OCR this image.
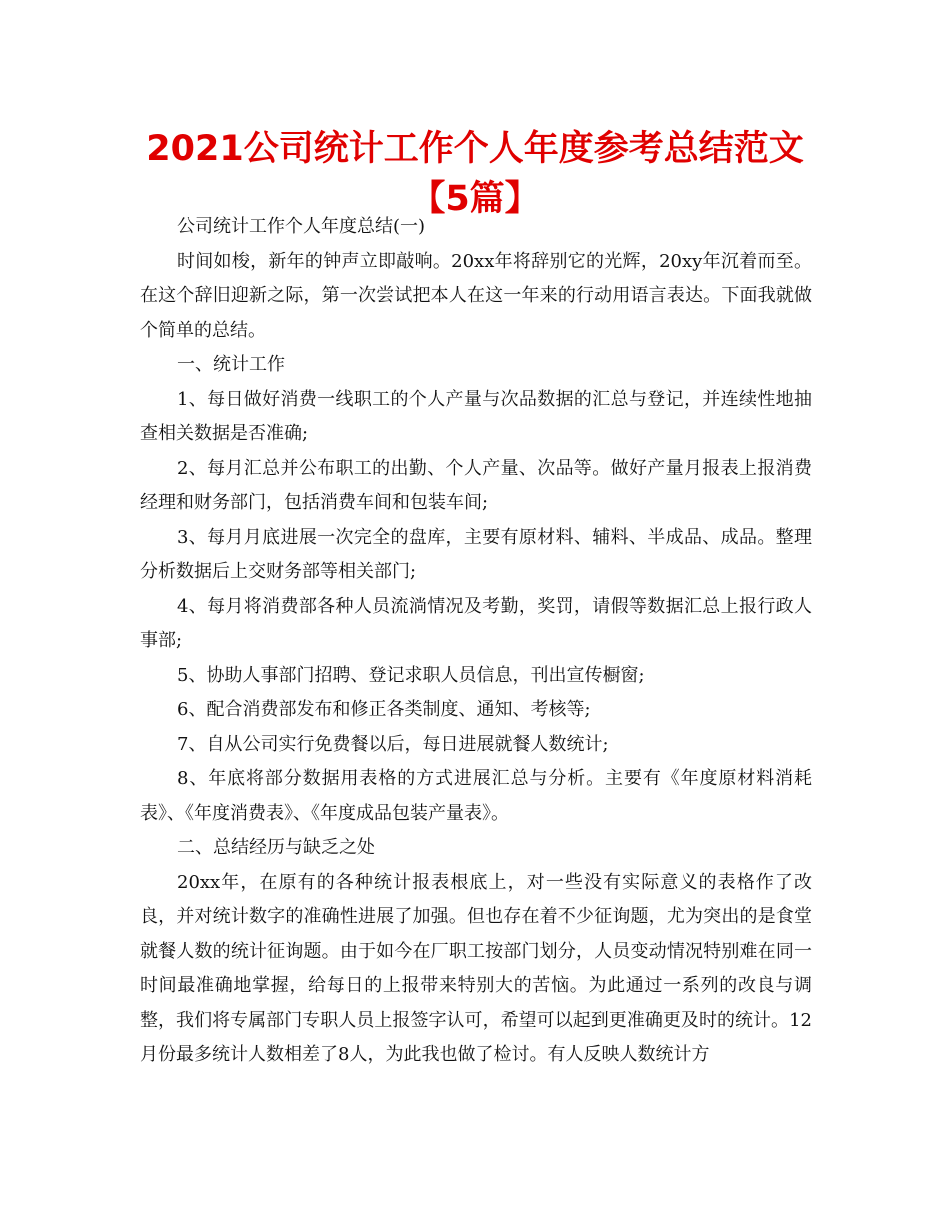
2021公司统计工作个人年度参考总结范文【5篇】

公司统计工作个人年度总结(一)

时间如梭，新年的钟声立即敲响。20xx年将辞别它的光辉，20xy年沉着而至。在这个辞旧迎新之际，第一次尝试把本人在这一年来的行动用语言表达。下面我就做个简单的总结。

一、统计工作

1、每日做好消费一线职工的个人产量与次品数据的汇总与登记，并连续性地抽查相关数据是否准确;

2、每月汇总并公布职工的出勤、个人产量、次品等。做好产量月报表上报消费经理和财务部门，包括消费车间和包装车间;

3、每月月底进展一次完全的盘库，主要有原材料、辅料、半成品、成品。整理分析数据后上交财务部等相关部门;

4、每月将消费部各种人员流淌情况及考勤，奖罚，请假等数据汇总上报行政人事部;

5、协助人事部门招聘、登记求职人员信息，刊出宣传橱窗;

6、配合消费部发布和修正各类制度、通知、考核等;

7、自从公司实行免费餐以后，每日进展就餐人数统计;

8、年底将部分数据用表格的方式进展汇总与分析。主要有《年度原材料消耗表》、《年度消费表》、《年度成品包装产量表》。

二、总结经历与缺乏之处

20xx年，在原有的各种统计报表根底上，对一些没有实际意义的表格作了改良，并对统计数字的准确性进展了加强。但也存在着不少征询题，尤为突出的是食堂就餐人数的统计征询题。由于如今在厂职工按部门划分，人员变动情况特别难在同一时间最准确地掌握，给每日的上报带来特别大的苦恼。为此通过一系列的改良与调整，我们将专属部门专职人员上报签字认可，希望可以起到更准确更及时的统计。12月份最多统计人数相差了8人，为此我也做了检讨。有人反映人数统计方
